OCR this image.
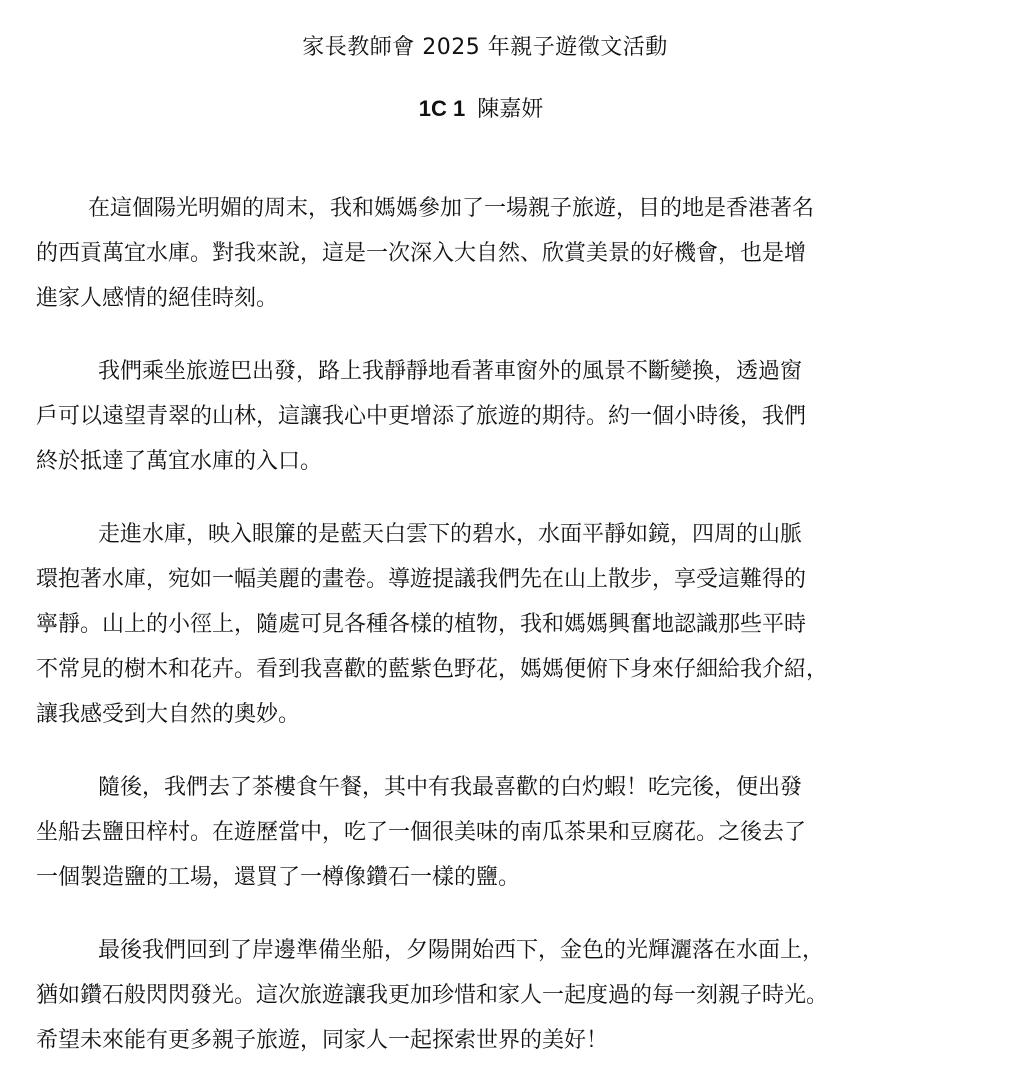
家長教師會 2025 年親子遊徵文活動
1C 1 陳嘉妍

在這個陽光明媚的周末，我和媽媽參加了一場親子旅遊，目的地是香港著名
的西貢萬宜水庫。對我來說，這是一次深入大自然、欣賞美景的好機會，也是增
進家人感情的絕佳時刻。

我們乘坐旅遊巴出發，路上我靜靜地看著車窗外的風景不斷變換，透過窗
戶可以遠望青翠的山林，這讓我心中更增添了旅遊的期待。約一個小時後，我們
終於抵達了萬宜水庫的入口。

走進水庫，映入眼簾的是藍天白雲下的碧水，水面平靜如鏡，四周的山脈
環抱著水庫，宛如一幅美麗的畫卷。導遊提議我們先在山上散步，享受這難得的
寧靜。山上的小徑上，隨處可見各種各樣的植物，我和媽媽興奮地認識那些平時
不常見的樹木和花卉。看到我喜歡的藍紫色野花，媽媽便俯下身來仔細給我介紹，
讓我感受到大自然的奧妙。

隨後，我們去了茶樓食午餐，其中有我最喜歡的白灼蝦！吃完後，便出發
坐船去鹽田梓村。在遊歷當中，吃了一個很美味的南瓜茶果和豆腐花。之後去了
一個製造鹽的工場，還買了一樽像鑽石一樣的鹽。

最後我們回到了岸邊準備坐船，夕陽開始西下，金色的光輝灑落在水面上，
猶如鑽石般閃閃發光。這次旅遊讓我更加珍惜和家人一起度過的每一刻親子時光。
希望未來能有更多親子旅遊，同家人一起探索世界的美好！
